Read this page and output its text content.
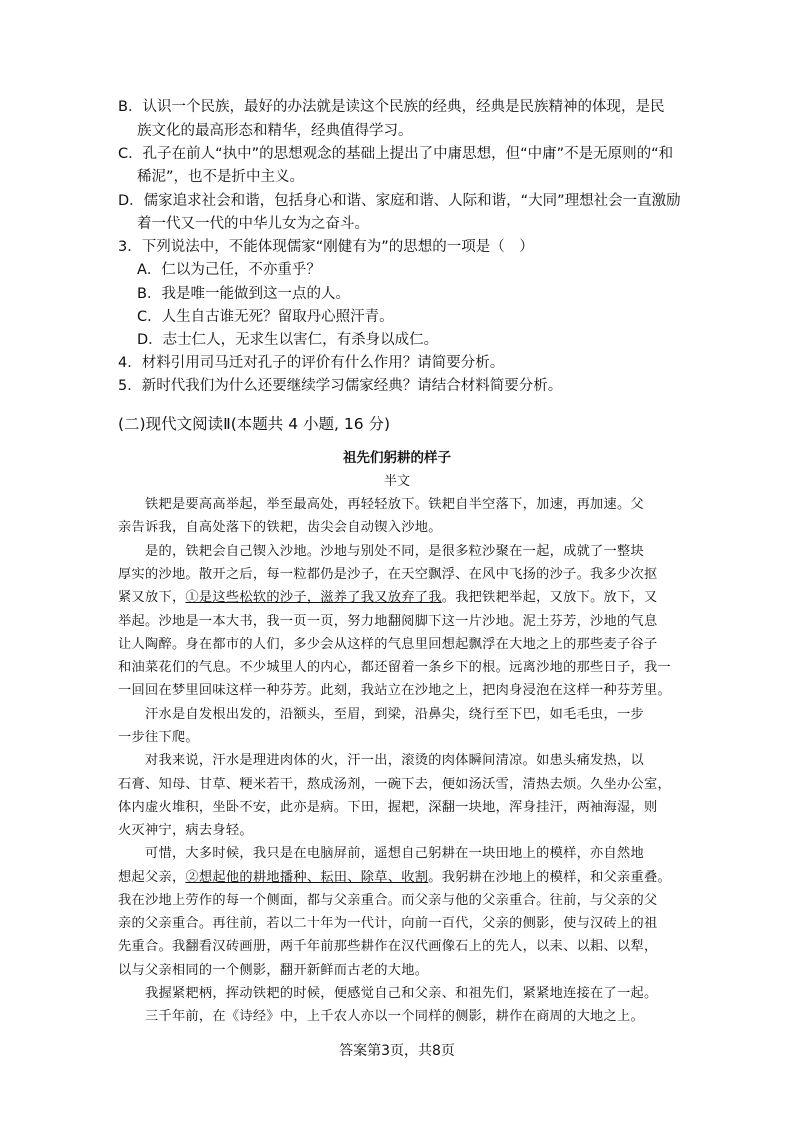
B．认识一个民族，最好的办法就是读这个民族的经典，经典是民族精神的体现，是民
族文化的最高形态和精华，经典值得学习。
C．孔子在前人“执中”的思想观念的基础上提出了中庸思想，但“中庸”不是无原则的“和
稀泥”，也不是折中主义。
D．儒家追求社会和谐，包括身心和谐、家庭和谐、人际和谐，“大同”理想社会一直激励
着一代又一代的中华儿女为之奋斗。
3．下列说法中，不能体现儒家“刚健有为”的思想的一项是（　）
A．仁以为己任，不亦重乎？
B．我是唯一能做到这一点的人。
C．人生自古谁无死？留取丹心照汗青。
D．志士仁人，无求生以害仁，有杀身以成仁。
4．材料引用司马迁对孔子的评价有什么作用？请简要分析。
5．新时代我们为什么还要继续学习儒家经典？请结合材料简要分析。
(二)现代文阅读Ⅱ(本题共 4 小题, 16 分)
祖先们躬耕的样子
半文
　　铁耙是要高高举起，举至最高处，再轻轻放下。铁耙自半空落下，加速，再加速。父
亲告诉我，自高处落下的铁耙，齿尖会自动锲入沙地。
　　是的，铁耙会自己锲入沙地。沙地与别处不同，是很多粒沙聚在一起，成就了一整块
厚实的沙地。散开之后，每一粒都仍是沙子，在天空飘浮、在风中飞扬的沙子。我多少次抠
紧又放下，①是这些松软的沙子，滋养了我又放弃了我。我把铁耙举起，又放下。放下，又
举起。沙地是一本大书，我一页一页，努力地翻阅脚下这一片沙地。泥土芬芳，沙地的气息
让人陶醉。身在都市的人们，多少会从这样的气息里回想起飘浮在大地之上的那些麦子谷子
和油菜花们的气息。不少城里人的内心，都还留着一条乡下的根。远离沙地的那些日子，我一
一回回在梦里回味这样一种芬芳。此刻，我站立在沙地之上，把肉身浸泡在这样一种芬芳里。
　　汗水是自发根出发的，沿额头，至眉，到梁，沿鼻尖，绕行至下巴，如毛毛虫，一步
一步往下爬。
　　对我来说，汗水是理进肉体的火，汗一出，滚烫的肉体瞬间清凉。如患头痛发热，以
石膏、知母、甘草、粳米若干，熬成汤剂，一碗下去，便如汤沃雪，清热去烦。久坐办公室，
体内虚火堆积，坐卧不安，此亦是病。下田，握耙，深翻一块地，浑身挂汗，两袖海湿，则
火灭神宁，病去身轻。
　　可惜，大多时候，我只是在电脑屏前，遥想自己躬耕在一块田地上的模样，亦自然地
想起父亲，②想起他的耕地播种、耘田、除草、收割。我躬耕在沙地上的模样，和父亲重叠。
我在沙地上劳作的每一个侧面，都与父亲重合。而父亲与他的父亲重合。往前，与父亲的父
亲的父亲重合。再往前，若以二十年为一代计，向前一百代，父亲的侧影，使与汉砖上的祖
先重合。我翻看汉砖画册，两千年前那些耕作在汉代画像石上的先人，以耒、以耜、以犁，
以与父亲相同的一个侧影，翻开新鲜而古老的大地。
　　我握紧耙柄，挥动铁耙的时候，便感觉自己和父亲、和祖先们，紧紧地连接在了一起。
　　三千年前，在《诗经》中，上千农人亦以一个同样的侧影，耕作在商周的大地之上。
答案第3页，共8页
